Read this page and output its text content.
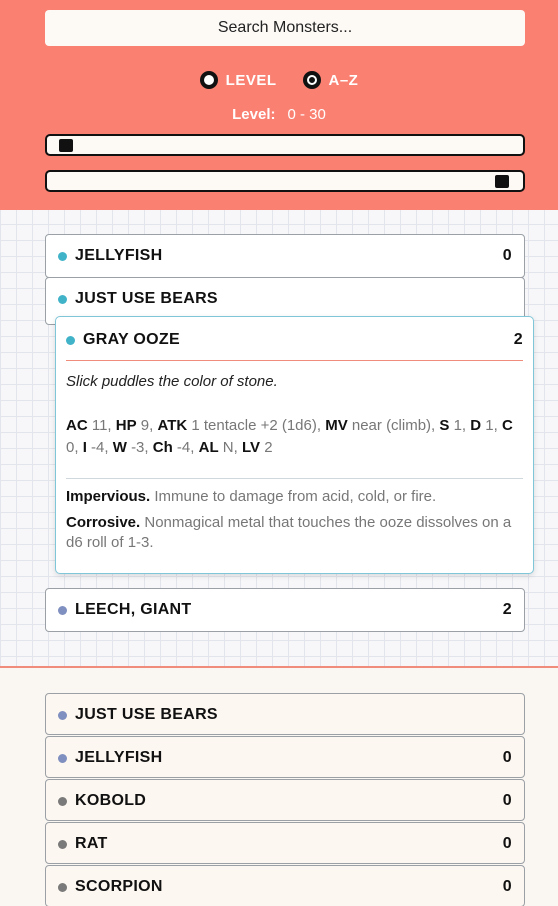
Search Monsters...
LEVEL	A–Z
Level: 0 - 30
JELLYFISH	0
JUST USE BEARS
GRAY OOZE	2
Slick puddles the color of stone.
AC 11, HP 9, ATK 1 tentacle +2 (1d6), MV near (climb), S 1, D 1, C 0, I -4, W -3, Ch -4, AL N, LV 2
Impervious. Immune to damage from acid, cold, or fire.
Corrosive. Nonmagical metal that touches the ooze dissolves on a d6 roll of 1-3.
LEECH, GIANT	2
JUST USE BEARS
JELLYFISH	0
KOBOLD	0
RAT	0
SCORPION	0
